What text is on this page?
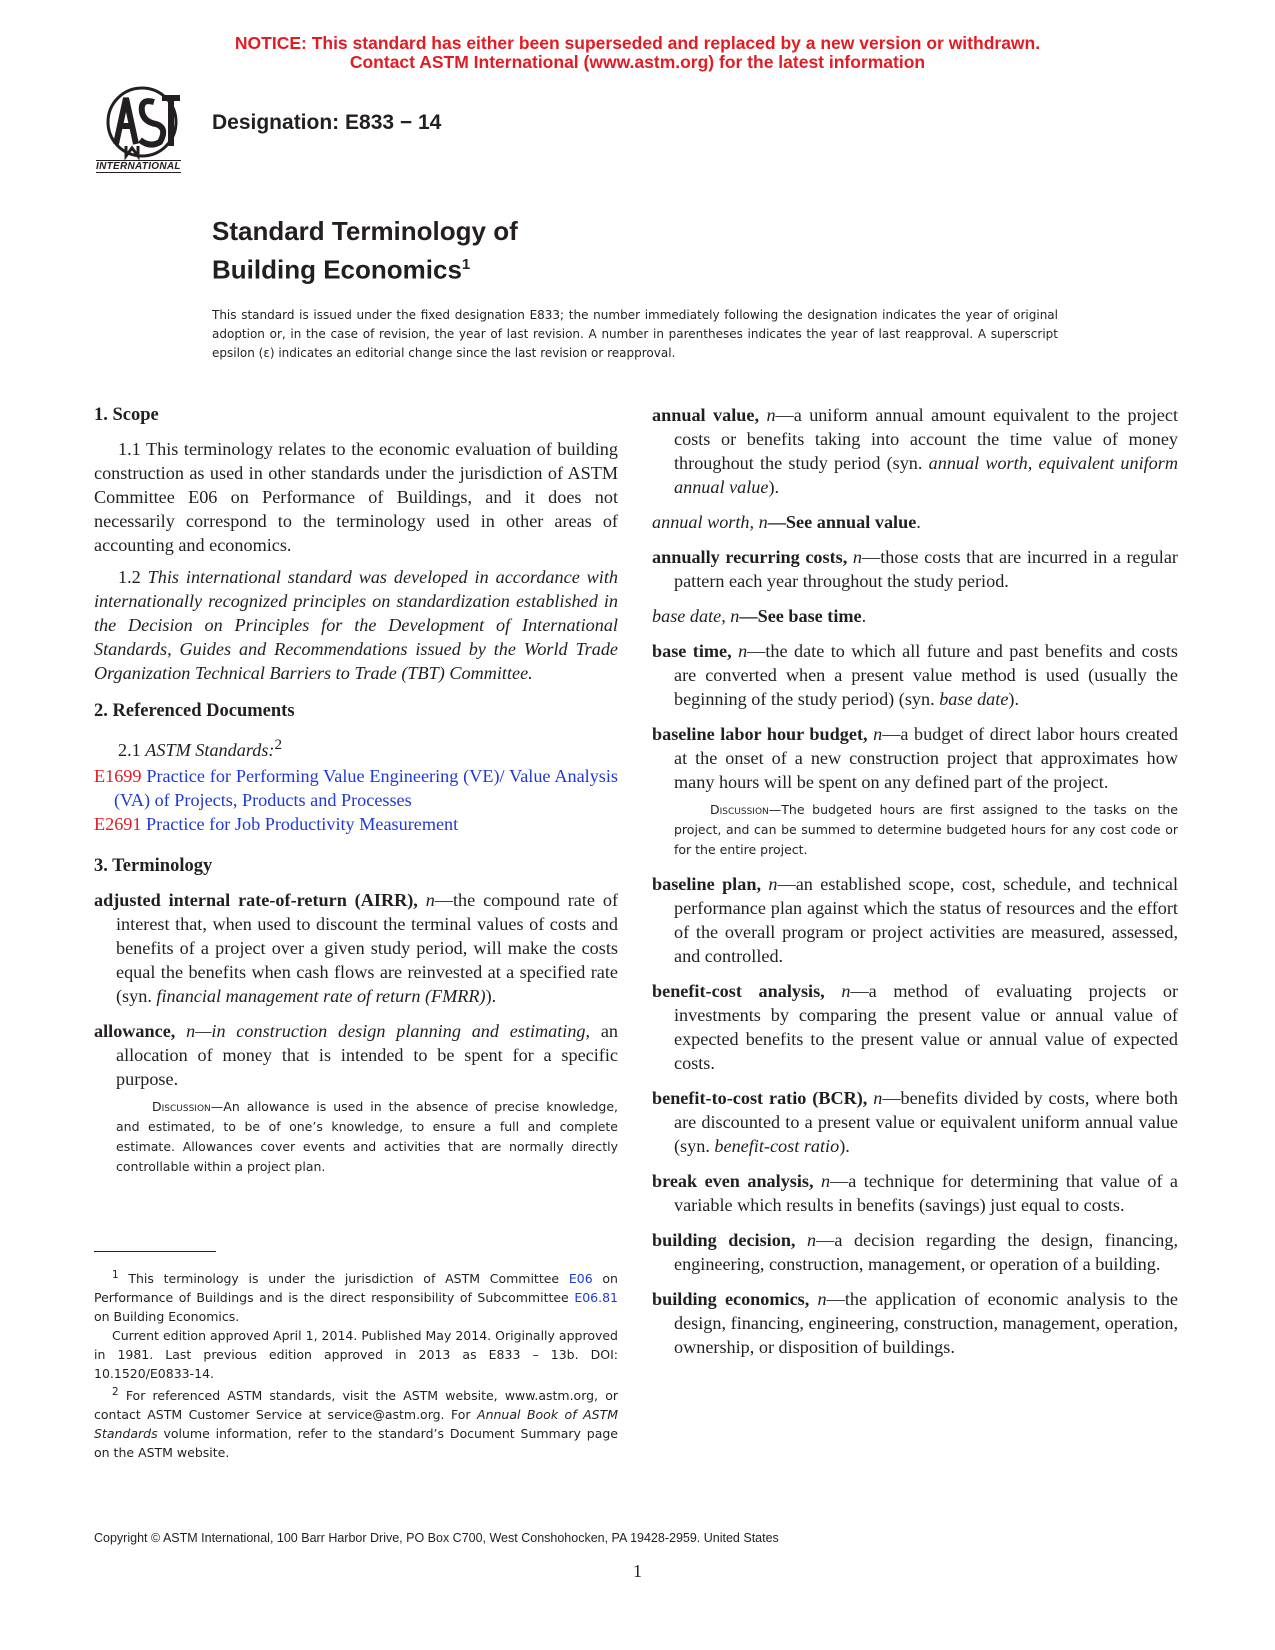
NOTICE: This standard has either been superseded and replaced by a new version or withdrawn.
Contact ASTM International (www.astm.org) for the latest information
INTERNATIONAL
Designation: E833 − 14
Standard Terminology of
Building Economics$^1$
This standard is issued under the fixed designation E833; the number immediately following the designation indicates the year of original adoption or, in the case of revision, the year of last revision. A number in parentheses indicates the year of last reapproval. A superscript epsilon (ε) indicates an editorial change since the last revision or reapproval.
1. Scope

1.1 This terminology relates to the economic evaluation of building construction as used in other standards under the jurisdiction of ASTM Committee E06 on Performance of Buildings, and it does not necessarily correspond to the terminology used in other areas of accounting and economics.

1.2 This international standard was developed in accordance with internationally recognized principles on standardization established in the Decision on Principles for the Development of International Standards, Guides and Recommendations issued by the World Trade Organization Technical Barriers to Trade (TBT) Committee.

2. Referenced Documents

2.1 ASTM Standards:$^2$

E1699 Practice for Performing Value Engineering (VE)/ Value Analysis (VA) of Projects, Products and Processes

E2691 Practice for Job Productivity Measurement

3. Terminology

adjusted internal rate-of-return (AIRR), n—the compound rate of interest that, when used to discount the terminal values of costs and benefits of a project over a given study period, will make the costs equal the benefits when cash flows are reinvested at a specified rate (syn. financial management rate of return (FMRR)).

allowance, n—in construction design planning and estimating, an allocation of money that is intended to be spent for a specific purpose.

Discussion—An allowance is used in the absence of precise knowledge, and estimated, to be of one’s knowledge, to ensure a full and complete estimate. Allowances cover events and activities that are normally directly controllable within a project plan.

annual value, n—a uniform annual amount equivalent to the project costs or benefits taking into account the time value of money throughout the study period (syn. annual worth, equivalent uniform annual value).

annual worth, n—See annual value.

annually recurring costs, n—those costs that are incurred in a regular pattern each year throughout the study period.

base date, n—See base time.

base time, n—the date to which all future and past benefits and costs are converted when a present value method is used (usually the beginning of the study period) (syn. base date).

baseline labor hour budget, n—a budget of direct labor hours created at the onset of a new construction project that approximates how many hours will be spent on any defined part of the project.

Discussion—The budgeted hours are first assigned to the tasks on the project, and can be summed to determine budgeted hours for any cost code or for the entire project.

baseline plan, n—an established scope, cost, schedule, and technical performance plan against which the status of resources and the effort of the overall program or project activities are measured, assessed, and controlled.

benefit-cost analysis, n—a method of evaluating projects or investments by comparing the present value or annual value of expected benefits to the present value or annual value of expected costs.

benefit-to-cost ratio (BCR), n—benefits divided by costs, where both are discounted to a present value or equivalent uniform annual value (syn. benefit-cost ratio).

break even analysis, n—a technique for determining that value of a variable which results in benefits (savings) just equal to costs.

building decision, n—a decision regarding the design, financing, engineering, construction, management, or operation of a building.

building economics, n—the application of economic analysis to the design, financing, engineering, construction, management, operation, ownership, or disposition of buildings.

$^1$ This terminology is under the jurisdiction of ASTM Committee E06 on Performance of Buildings and is the direct responsibility of Subcommittee E06.81 on Building Economics.

Current edition approved April 1, 2014. Published May 2014. Originally approved in 1981. Last previous edition approved in 2013 as E833 – 13b. DOI: 10.1520/E0833-14.

$^2$ For referenced ASTM standards, visit the ASTM website, www.astm.org, or contact ASTM Customer Service at service@astm.org. For Annual Book of ASTM Standards volume information, refer to the standard’s Document Summary page on the ASTM website.

Copyright © ASTM International, 100 Barr Harbor Drive, PO Box C700, West Conshohocken, PA 19428-2959. United States
1
